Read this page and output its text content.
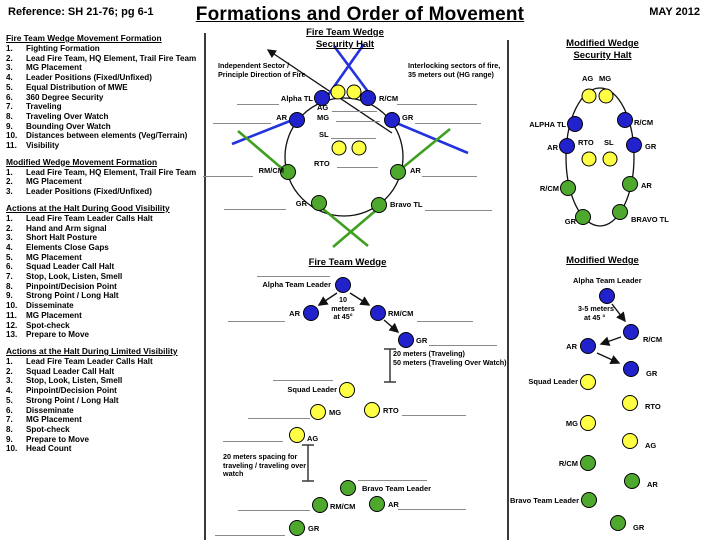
Reference: SH 21-76; pg 6-1	Formations and Order of Movement	MAY 2012
Fire Team Wedge Movement Formation
Fighting Formation
Lead Fire Team, HQ Element, Trail Fire Team
MG Placement
Leader Positions (Fixed/Unfixed)
Equal Distribution of MWE
360 Degree Security
Traveling
Traveling Over Watch
Bounding Over Watch
Distances between elements (Veg/Terrain)
Visibility
Modified Wedge Movement Formation
Lead Fire Team, HQ Element, Trail Fire Team
MG Placement
Leader Positions (Fixed/Unfixed)
Actions at the Halt During Good Visibility
Lead Fire Team Leader Calls Halt
Hand and Arm signal
Short Halt Posture
Elements Close Gaps
MG Placement
Squad Leader Call Halt
Stop, Look, Listen, Smell
Pinpoint/Decision Point
Strong Point / Long Halt
Disseminate
MG Placement
Spot-check
Prepare to Move
Actions at the Halt During Limited Visibility
Lead Fire Team Leader Calls Halt
Squad Leader Call Halt
Stop, Look, Listen, Smell
Pinpoint/Decision Point
Strong Point / Long Halt
Disseminate
MG Placement
Spot-check
Prepare to Move
Head Count
Fire Team Wedge
Security Halt
Independent Sector /
Principle Direction of Fire
Interlocking sectors of fire,
35 meters out (HG range)
Alpha TL	R/CM
AR	GR
AG
MG
SL
RTO
RM/CM	AR
GR	Bravo TL
Fire Team Wedge
Alpha Team Leader
10
meters
at 45°
AR	RM/CM
GR
20 meters (Traveling)
50 meters (Traveling Over Watch)
Squad Leader
MG	RTO
AG
20 meters spacing for
traveling / traveling over
watch
Bravo Team Leader
RM/CM	AR
GR
Modified Wedge
Security Halt
AG MG
ALPHA TL	R/CM
AR	GR
RTO SL
R/CM	AR
GR	BRAVO TL
Modified Wedge
Alpha Team Leader
3-5 meters
at 45 °
R/CM
AR
GR
Squad Leader
RTO
MG
AG
R/CM
AR
Bravo Team Leader
GR
